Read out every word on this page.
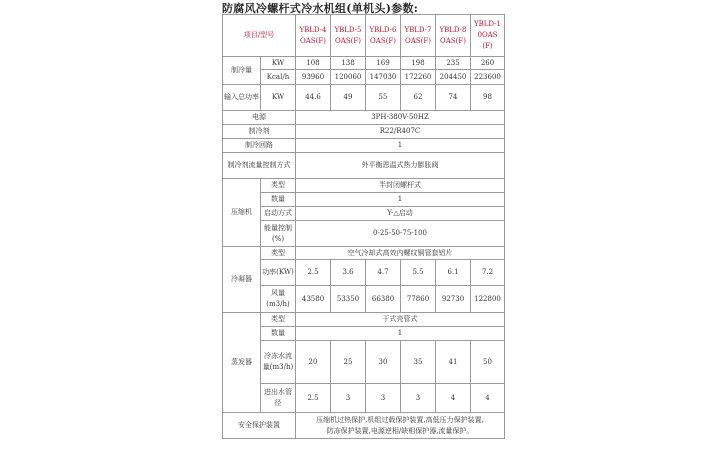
防腐风冷螺杆式冷水机组(单机头)参数:
项目/型号		YBLD-4 OAS(F)	YBLD-5 OAS(F)	YBLD-6 OAS(F)	YBLD-7 OAS(F)	YBLD-8 OAS(F)	YBLD-1 0OAS (F)
制冷量	KW	108	138	169	198	235	260
	Kcal/h	93960	120060	147030	172260	204450	223600
输入总功率	KW	44.6	49	55	62	74	98
电源		3PH-380V-50HZ					
制冷剂		R22/R407C					
制冷回路		1					
制冷剂流量控制方式		外平衡恩温式热力膨胀阀					
压缩机	类型	半封闭螺杆式					
	数量	1					
	启动方式	Y-△启动					
	能量控制(%)	0-25-50-75-100					
冷凝器	类型	空气冷却式高效内螺纹铜管套铝片					
	功率(KW)	2.5	3.6	4.7	5.5	6.1	7.2
	风量(m3/h)	43580	53350	66380	77860	92730	122800
蒸发器	类型	干式壳管式					
	数量	1					
	冷冻水流量(m3/h)	20	25	30	35	41	50
	进出水管径	2.5	3	3	3	4	4
安全保护装置		压缩机过热保护,机组过载保护装置,高低压力保护装置,
防冻保护装置,电源逆相/缺相保护器,流量保护。					
